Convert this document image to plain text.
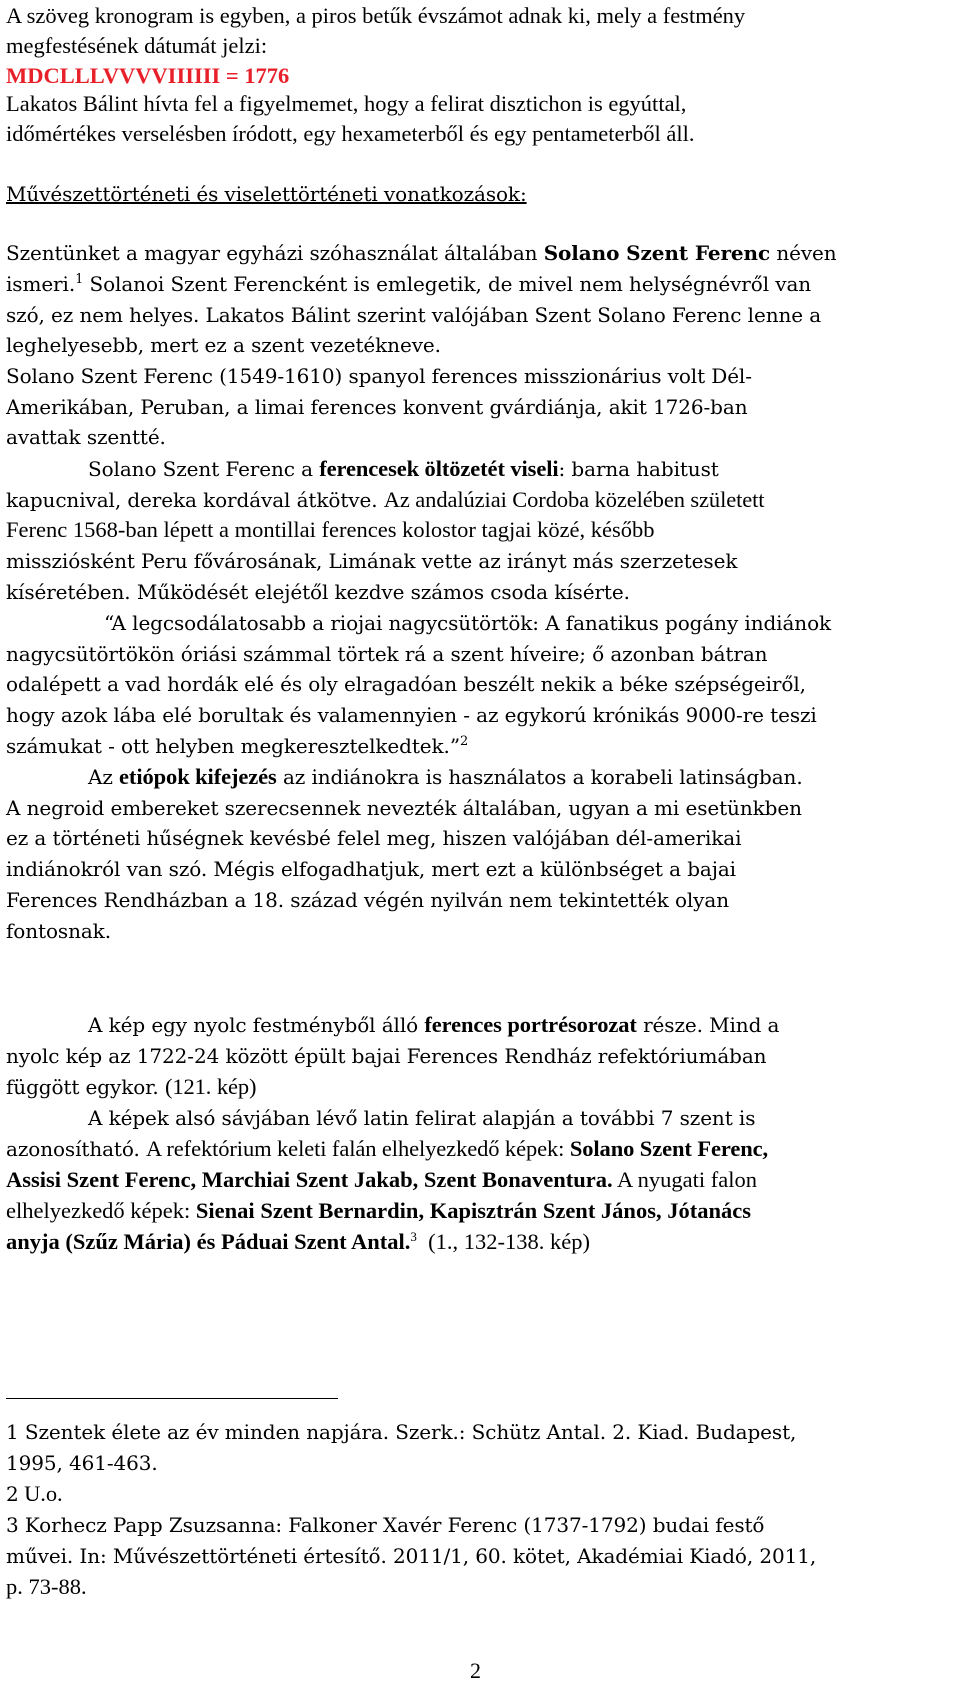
A szöveg kronogram is egyben, a piros betűk évszámot adnak ki, mely a festmény
megfestésének dátumát jelzi:
MDCLLLVVVVIIIIII = 1776
Lakatos Bálint hívta fel a figyelmemet, hogy a felirat disztichon is egyúttal,
időmértékes verselésben íródott, egy hexameterből és egy pentameterből áll.
Művészettörténeti és viselettörténeti vonatkozások:
Szentünket a magyar egyházi szóhasználat általában Solano Szent Ferenc néven
ismeri.$^1$ Solanoi Szent Ferencként is emlegetik, de mivel nem helységnévről van
szó, ez nem helyes. Lakatos Bálint szerint valójában Szent Solano Ferenc lenne a
leghelyesebb, mert ez a szent vezetékneve.
Solano Szent Ferenc (1549-1610) spanyol ferences misszionárius volt Dél-
Amerikában, Peruban, a limai ferences konvent gvárdiánja, akit 1726-ban
avattak szentté.
Solano Szent Ferenc a ferencesek öltözetét viseli: barna habitust
kapucnival, dereka kordával átkötve. Az andalúziai Cordoba közelében született
Ferenc 1568-ban lépett a montillai ferences kolostor tagjai közé, később
missziósként Peru fővárosának, Limának vette az irányt más szerzetesek
kíséretében. Működését elejétől kezdve számos csoda kísérte.
“A legcsodálatosabb a riojai nagycsütörtök: A fanatikus pogány indiánok
nagycsütörtökön óriási számmal törtek rá a szent híveire; ő azonban bátran
odalépett a vad hordák elé és oly elragadóan beszélt nekik a béke szépségeiről,
hogy azok lába elé borultak és valamennyien - az egykorú krónikás 9000-re teszi
számukat - ott helyben megkeresztelkedtek.”$^2$
Az etiópok kifejezés az indiánokra is használatos a korabeli latinságban.
A negroid embereket szerecsennek nevezték általában, ugyan a mi esetünkben
ez a történeti hűségnek kevésbé felel meg, hiszen valójában dél-amerikai
indiánokról van szó. Mégis elfogadhatjuk, mert ezt a különbséget a bajai
Ferences Rendházban a 18. század végén nyilván nem tekintették olyan
fontosnak.
A kép egy nyolc festményből álló ferences portrésorozat része. Mind a
nyolc kép az 1722-24 között épült bajai Ferences Rendház refektóriumában
függött egykor. (121. kép)
A képek alsó sávjában lévő latin felirat alapján a további 7 szent is
azonosítható. A refektórium keleti falán elhelyezkedő képek: Solano Szent Ferenc,
Assisi Szent Ferenc, Marchiai Szent Jakab, Szent Bonaventura. A nyugati falon
elhelyezkedő képek: Sienai Szent Bernardin, Kapisztrán Szent János, Jótanács
anyja (Szűz Mária) és Páduai Szent Antal.$^3$  (1., 132-138. kép)
1 Szentek élete az év minden napjára. Szerk.: Schütz Antal. 2. Kiad. Budapest,
1995, 461-463.
2 U.o.
3 Korhecz Papp Zsuzsanna: Falkoner Xavér Ferenc (1737-1792) budai festő
művei. In: Művészettörténeti értesítő. 2011/1, 60. kötet, Akadémiai Kiadó, 2011,
p. 73-88.
2
